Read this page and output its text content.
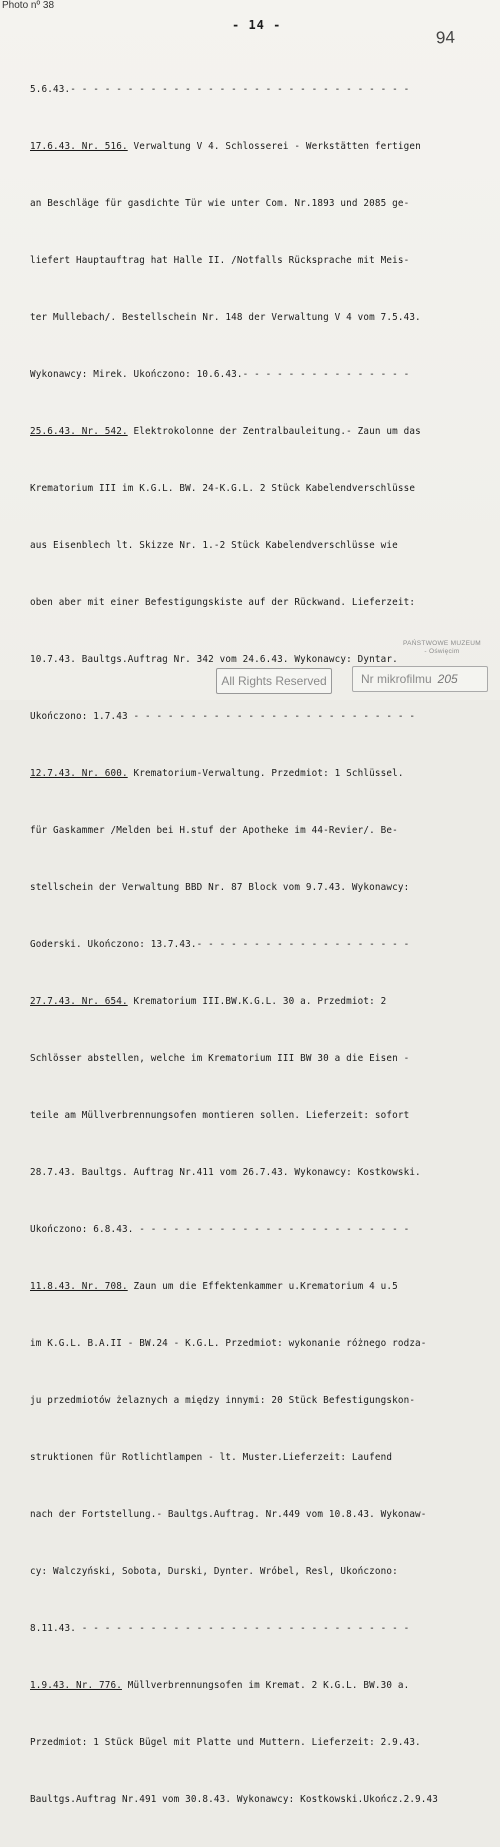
Photo nº 38
- 14 -
94

5.6.43.- - - - - - - - - - - - - - - - - - - - - - - - - - - - - -

17.6.43. Nr. 516. Verwaltung V 4. Schlosserei - Werkstätten fertigen

an Beschläge für gasdichte Tür wie unter Com. Nr.1893 und 2085 ge-

liefert Hauptauftrag hat Halle II. /Notfalls Rücksprache mit Meis-

ter Mullebach/. Bestellschein Nr. 148 der Verwaltung V 4 vom 7.5.43.

Wykonawcy: Mirek. Ukończono: 10.6.43.- - - - - - - - - - - - - - -

25.6.43. Nr. 542. Elektrokolonne der Zentralbauleitung.- Zaun um das

Krematorium III im K.G.L. BW. 24-K.G.L. 2 Stück Kabelendverschlüsse

aus Eisenblech lt. Skizze Nr. 1.-2 Stück Kabelendverschlüsse wie

oben aber mit einer Befestigungskiste auf der Rückwand. Lieferzeit:

10.7.43. Baultgs.Auftrag Nr. 342 vom 24.6.43. Wykonawcy: Dyntar.

Ukończono: 1.7.43 - - - - - - - - - - - - - - - - - - - - - - - - -

12.7.43. Nr. 600. Krematorium-Verwaltung. Przedmiot: 1 Schlüssel.

für Gaskammer /Melden bei H.stuf der Apotheke im 44-Revier/. Be-

stellschein der Verwaltung BBD Nr. 87 Block vom 9.7.43. Wykonawcy:

Goderski. Ukończono: 13.7.43.- - - - - - - - - - - - - - - - - - -

27.7.43. Nr. 654. Krematorium III.BW.K.G.L. 30 a. Przedmiot: 2

Schlösser abstellen, welche im Krematorium III BW 30 a die Eisen -

teile am Müllverbrennungsofen montieren sollen. Lieferzeit: sofort

28.7.43. Baultgs. Auftrag Nr.411 vom 26.7.43. Wykonawcy: Kostkowski.

Ukończono: 6.8.43. - - - - - - - - - - - - - - - - - - - - - - - -

11.8.43. Nr. 708. Zaun um die Effektenkammer u.Krematorium 4 u.5

im K.G.L. B.A.II - BW.24 - K.G.L. Przedmiot: wykonanie różnego rodza-

ju przedmiotów żelaznych a między innymi: 20 Stück Befestigungskon-

struktionen für Rotlichtlampen - lt. Muster.Lieferzeit: Laufend

nach der Fortstellung.- Baultgs.Auftrag. Nr.449 vom 10.8.43. Wykonaw-

cy: Walczyński, Sobota, Durski, Dynter. Wróbel, Resl, Ukończono:

8.11.43. - - - - - - - - - - - - - - - - - - - - - - - - - - - - -

1.9.43. Nr. 776. Müllverbrennungsofen im Kremat. 2 K.G.L. BW.30 a.

Przedmiot: 1 Stück Bügel mit Platte und Muttern. Lieferzeit: 2.9.43.

Baultgs.Auftrag Nr.491 vom 30.8.43. Wykonawcy: Kostkowski.Ukończ.2.9.43

PAŃSTWOWE MUZEUM
- Oświęcim
All Rights Reserved	Nr mikrofilmu 205
